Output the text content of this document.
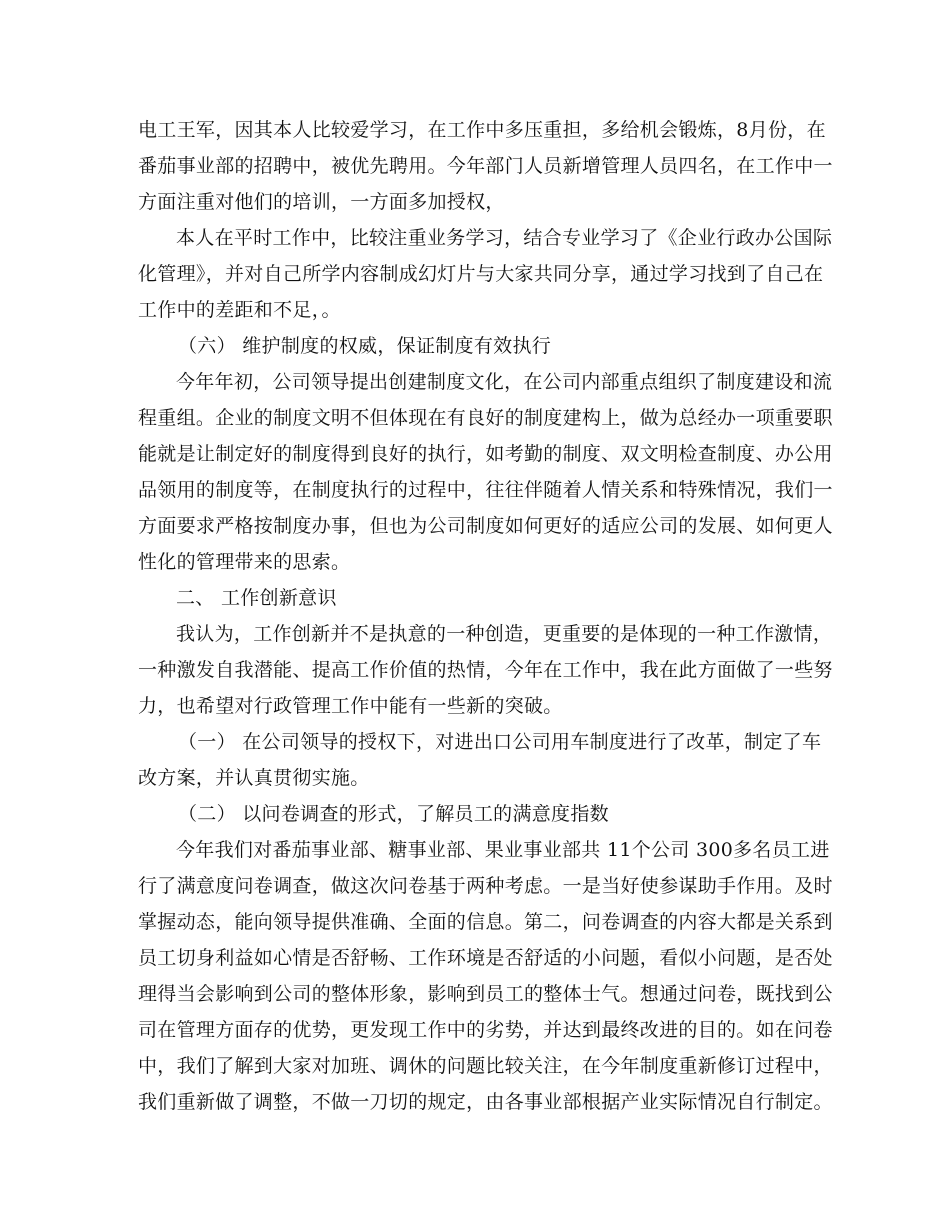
电工王军，因其本人比较爱学习，在工作中多压重担，多给机会锻炼，8月份，在
番茄事业部的招聘中，被优先聘用。今年部门人员新增管理人员四名，在工作中一
方面注重对他们的培训，一方面多加授权，
本人在平时工作中，比较注重业务学习，结合专业学习了《企业行政办公国际
化管理》，并对自己所学内容制成幻灯片与大家共同分享，通过学习找到了自己在
工作中的差距和不足，。
（六） 维护制度的权威，保证制度有效执行
今年年初，公司领导提出创建制度文化，在公司内部重点组织了制度建设和流
程重组。企业的制度文明不但体现在有良好的制度建构上，做为总经办一项重要职
能就是让制定好的制度得到良好的执行，如考勤的制度、双文明检查制度、办公用
品领用的制度等，在制度执行的过程中，往往伴随着人情关系和特殊情况，我们一
方面要求严格按制度办事，但也为公司制度如何更好的适应公司的发展、如何更人
性化的管理带来的思索。
二、 工作创新意识
我认为，工作创新并不是执意的一种创造，更重要的是体现的一种工作激情，
一种激发自我潜能、提高工作价值的热情，今年在工作中，我在此方面做了一些努
力，也希望对行政管理工作中能有一些新的突破。
（一） 在公司领导的授权下，对进出口公司用车制度进行了改革，制定了车
改方案，并认真贯彻实施。
（二） 以问卷调查的形式，了解员工的满意度指数
今年我们对番茄事业部、糖事业部、果业事业部共 11个公司 300多名员工进
行了满意度问卷调查，做这次问卷基于两种考虑。一是当好使参谋助手作用。及时
掌握动态，能向领导提供准确、全面的信息。第二，问卷调查的内容大都是关系到
员工切身利益如心情是否舒畅、工作环境是否舒适的小问题，看似小问题，是否处
理得当会影响到公司的整体形象，影响到员工的整体士气。想通过问卷，既找到公
司在管理方面存的优势，更发现工作中的劣势，并达到最终改进的目的。如在问卷
中，我们了解到大家对加班、调休的问题比较关注，在今年制度重新修订过程中，
我们重新做了调整，不做一刀切的规定，由各事业部根据产业实际情况自行制定。
